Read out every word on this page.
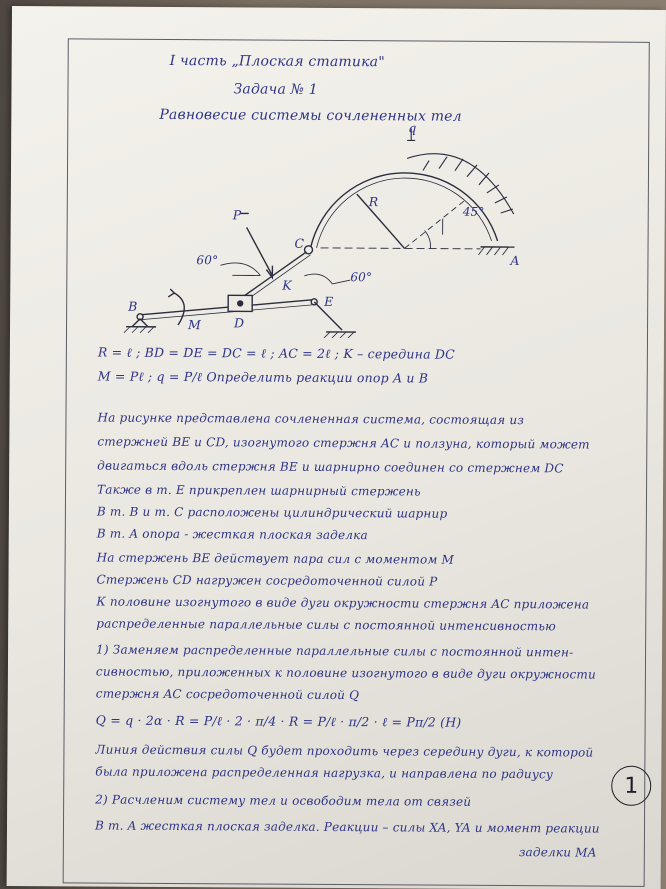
I часть „Плоская статика"
Задача № 1
Равновесие системы сочлененных тел
q
R
45°
A
P
C
60°
K
60°
B
M	D
E
R = ℓ ; BD = DE = DC = ℓ ; AC = 2ℓ ; K – середина DC
M = Pℓ ; q = P/ℓ Определить реакции опор A и B
На рисунке представлена сочлененная система, состоящая из
стержней BE и CD, изогнутого стержня AC и ползуна, который может
двигаться вдоль стержня BE и шарнирно соединен со стержнем DC
Также в т. E прикреплен шарнирный стержень
В т. B и т. C расположены цилиндрический шарнир
В т. A опора - жесткая плоская заделка
На стержень BE действует пара сил с моментом M
Стержень CD нагружен сосредоточенной силой P
К половине изогнутого в виде дуги окружности стержня AC приложена
распределенные параллельные силы с постоянной интенсивностью
1) Заменяем распределенные параллельные силы с постоянной интен-
сивностью, приложенных к половине изогнутого в виде дуги окружности
стержня AC сосредоточенной силой Q
Q = q · 2α · R = P/ℓ · 2 · π/4 · R = P/ℓ · π/2 · ℓ = Pπ/2 (H)
Линия действия силы Q будет проходить через середину дуги, к которой
была приложена распределенная нагрузка, и направлена по радиусу
2) Расчленим систему тел и освободим тела от связей
В т. A жесткая плоская заделка. Реакции – силы XA, YA и момент реакции
заделки MA
1
